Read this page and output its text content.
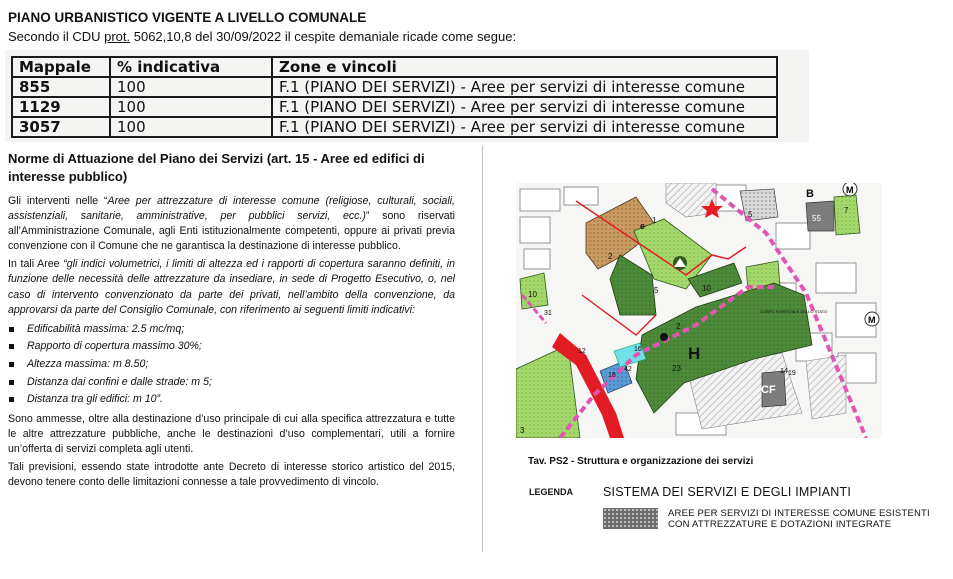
PIANO URBANISTICO VIGENTE A LIVELLO COMUNALE
Secondo il CDU prot. 5062,10,8 del 30/09/2022 il cespite demaniale ricade come segue:
Mappale	% indicativa	Zone e vincoli
855	100	F.1 (PIANO DEI SERVIZI) - Aree per servizi di interesse comune
1129	100	F.1 (PIANO DEI SERVIZI) - Aree per servizi di interesse comune
3057	100	F.1 (PIANO DEI SERVIZI) - Aree per servizi di interesse comune
Norme di Attuazione del Piano dei Servizi (art. 15 - Aree ed edifici di interesse pubblico)

Gli interventi nelle “Aree per attrezzature di interesse comune (religiose, culturali, sociali, assistenziali, sanitarie, amministrative, per pubblici servizi, ecc.)” sono riservati all’Amministrazione Comunale, agli Enti istituzionalmente competenti, oppure ai privati previa convenzione con il Comune che ne garantisca la destinazione di interesse pubblico.

In tali Aree “gli indici volumetrici, i limiti di altezza ed i rapporti di copertura saranno definiti, in funzione delle necessità delle attrezzature da insediare, in sede di Progetto Esecutivo, o, nel caso di intervento convenzionato da parte dei privati, nell’ambito della convenzione, da approvarsi da parte del Consiglio Comunale, con riferimento ai seguenti limiti indicativi:

Edificabilità massima: 2.5 mc/mq;
Rapporto di copertura massimo 30%;
Altezza massima: m 8.50;
Distanza dai confini e dalle strade: m 5;
Distanza tra gli edifici: m 10”.

Sono ammesse, oltre alla destinazione d’uso principale di cui alla specifica attrezzatura e tutte le altre attrezzature pubbliche, anche le destinazioni d’uso complementari, utili a fornire un’offerta di servizi completa agli utenti.

Tali previsioni, essendo state introdotte ante Decreto di interesse storico artistico del 2015, devono tenere conto delle limitazioni connesse a tale provvedimento di vincolo.

M
M
B
H
CF
e
1
2
2
3
5
5
7
10
10
12
14
16
18	19
23
31
42
55
CORPO FORESTALE DELLO STATO
Tav. PS2 - Struttura e organizzazione dei servizi
LEGENDA SISTEMA DEI SERVIZI E DEGLI IMPIANTI
AREE PER SERVIZI DI INTERESSE COMUNE ESISTENTI
CON ATTREZZATURE E DOTAZIONI INTEGRATE
